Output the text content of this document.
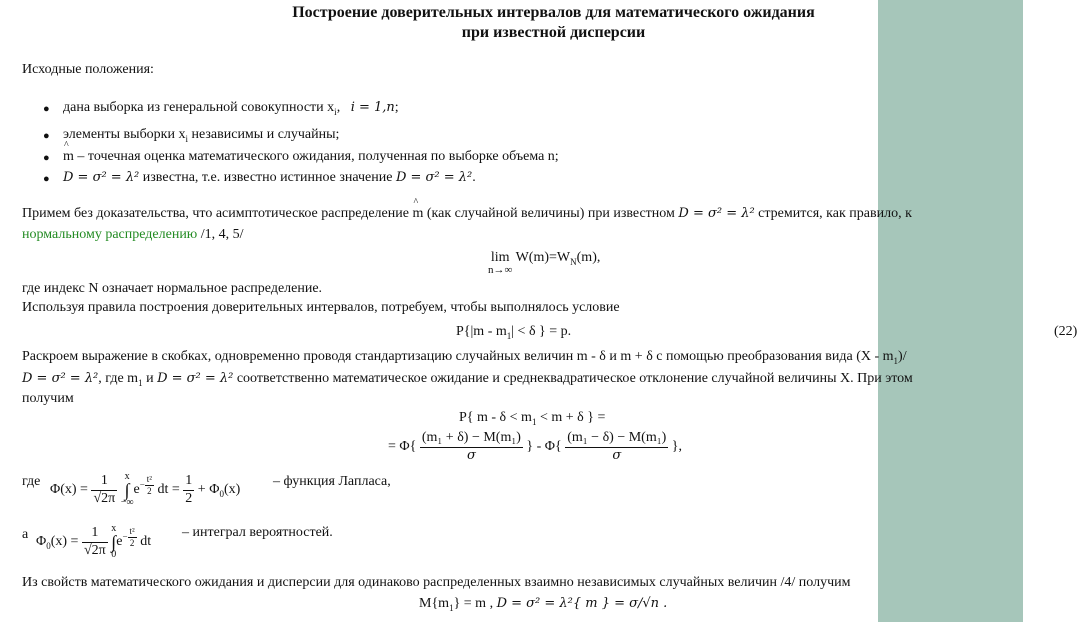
Построение доверительных интервалов для математического ожидания
при известной дисперсии
Исходные положения:
● дана выборка из генеральной совокупности $x_i$,   i = 1,n;
● элементы выборки $x_i$ независимы и случайны;
● ^ m – точечная оценка математического ожидания, полученная по выборке объема n;
● D = σ² = λ² известна, т.е. известно истинное значение D = σ² = λ².
Примем без доказательства, что асимптотическое распределение ^ m (как случайной величины) при известном D = σ² = λ² стремится, как правило, к
нормальному распределению /1, 4, 5/
lim
n→∞
$W(m)=W_N(m)$,
где индекс N означает нормальное распределение.
Используя правила построения доверительных интервалов, потребуем, чтобы выполнялось условие
$P\{|m - m_1| < \delta$ } = p.	(22)
Раскроем выражение в скобках, одновременно проводя стандартизацию случайных величин m - δ и m + δ с помощью преобразования вида $(X - m_1)/$
D = σ² = λ², где $m_1$ и D = σ² = λ² соответственно математическое ожидание и среднеквадратическое отклонение случайной величины X. При этом
получим
P{ $m - \delta < m_1 < m + \delta$ } =
= $\Phi\{ \frac{\text{(m₁ + δ) − M(m₁)}}{\sigma}$ } - $\Phi\{ \frac{\text{(m₁ − δ) − M(m₁)}}{\sigma}$ },
где
$\Phi(x) = \frac{1}{√2\pi}$
x
∫
−∞
$e- \frac{\text{t²}}{2}$ dt = $\frac{1}{2} + \Phi_0(x)$
– функция Лапласа,
а $\Phi_0(x) = \frac{1}{√2\pi}$
x
∫
0
$e- \frac{\text{t²}}{2}$ dt
– интеграл вероятностей.
Из свойств математического ожидания и дисперсии для одинаково распределенных взаимно независимых случайных величин /4/ получим
$M\{m_1\} = m$ , D = σ² = λ²{ m } = σ/√n .
